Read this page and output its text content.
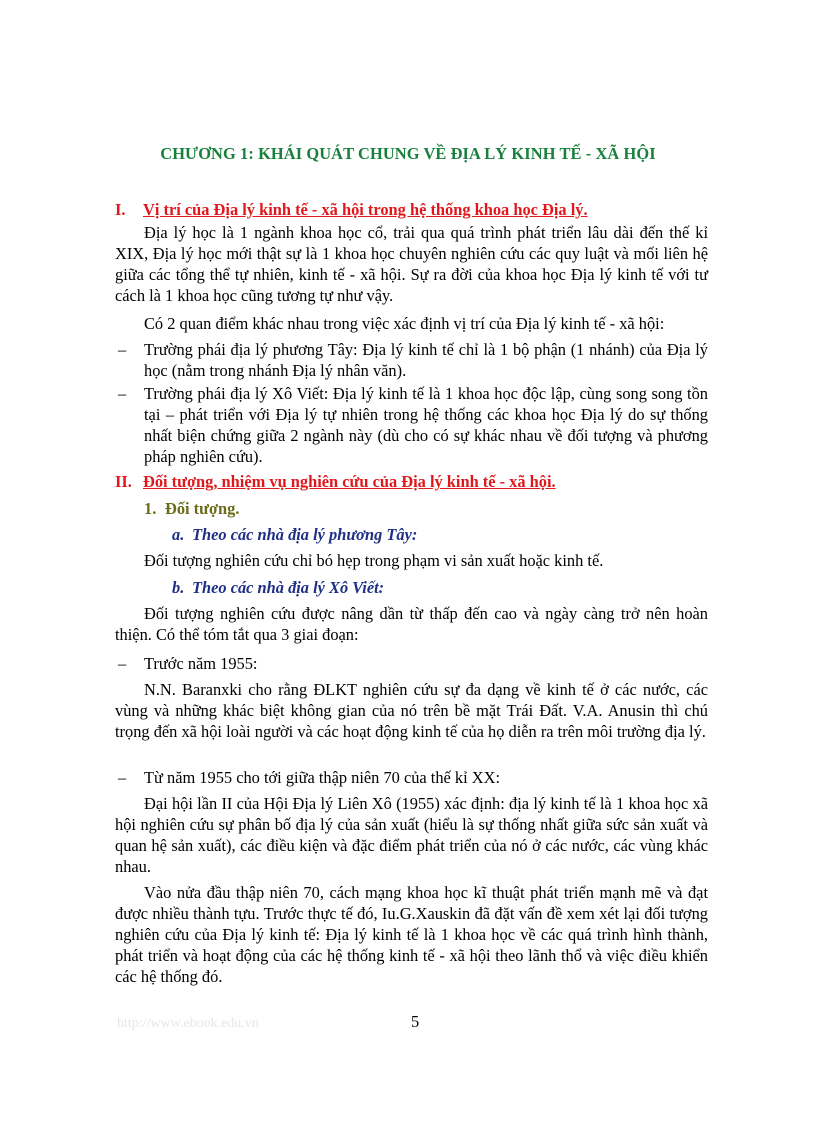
CHƯƠNG 1: KHÁI QUÁT CHUNG VỀ ĐỊA LÝ KINH TẾ - XÃ HỘI
I. Vị trí của Địa lý kinh tế - xã hội trong hệ thống khoa học Địa lý.

Địa lý học là 1 ngành khoa học cổ, trải qua quá trình phát triển lâu dài đến thế kỉ XIX, Địa lý học mới thật sự là 1 khoa học chuyên nghiên cứu các quy luật và mối liên hệ giữa các tổng thể tự nhiên, kinh tế - xã hội. Sự ra đời của khoa học Địa lý kinh tế với tư cách là 1 khoa học cũng tương tự như vậy.

Có 2 quan điểm khác nhau trong việc xác định vị trí của Địa lý kinh tế - xã hội:

– Trường phái địa lý phương Tây: Địa lý kinh tế chỉ là 1 bộ phận (1 nhánh) của Địa lý học (nằm trong nhánh Địa lý nhân văn).

– Trường phái địa lý Xô Viết: Địa lý kinh tế là 1 khoa học độc lập, cùng song song tồn tại – phát triển với Địa lý tự nhiên trong hệ thống các khoa học Địa lý do sự thống nhất biện chứng giữa 2 ngành này (dù cho có sự khác nhau về đối tượng và phương pháp nghiên cứu).

II. Đối tượng, nhiệm vụ nghiên cứu của Địa lý kinh tế - xã hội.
1. Đối tượng.
a. Theo các nhà địa lý phương Tây:

Đối tượng nghiên cứu chỉ bó hẹp trong phạm vi sản xuất hoặc kinh tế.

b. Theo các nhà địa lý Xô Viết:

Đối tượng nghiên cứu được nâng dần từ thấp đến cao và ngày càng trở nên hoàn thiện. Có thể tóm tắt qua 3 giai đoạn:

– Trước năm 1955:

N.N. Baranxki cho rằng ĐLKT nghiên cứu sự đa dạng về kinh tế ở các nước, các vùng và những khác biệt không gian của nó trên bề mặt Trái Đất. V.A. Anusin thì chú trọng đến xã hội loài người và các hoạt động kinh tế của họ diễn ra trên môi trường địa lý.

– Từ năm 1955 cho tới giữa thập niên 70 của thế kỉ XX:

Đại hội lần II của Hội Địa lý Liên Xô (1955) xác định: địa lý kinh tế là 1 khoa học xã hội nghiên cứu sự phân bố địa lý của sản xuất (hiểu là sự thống nhất giữa sức sản xuất và quan hệ sản xuất), các điều kiện và đặc điểm phát triển của nó ở các nước, các vùng khác nhau.

Vào nửa đầu thập niên 70, cách mạng khoa học kĩ thuật phát triển mạnh mẽ và đạt được nhiều thành tựu. Trước thực tế đó, Iu.G.Xauskin đã đặt vấn đề xem xét lại đối tượng nghiên cứu của Địa lý kinh tế: Địa lý kinh tế là 1 khoa học về các quá trình hình thành, phát triển và hoạt động của các hệ thống kinh tế - xã hội theo lãnh thổ và việc điều khiển các hệ thống đó.

http://www.ebook.edu.vn	5
